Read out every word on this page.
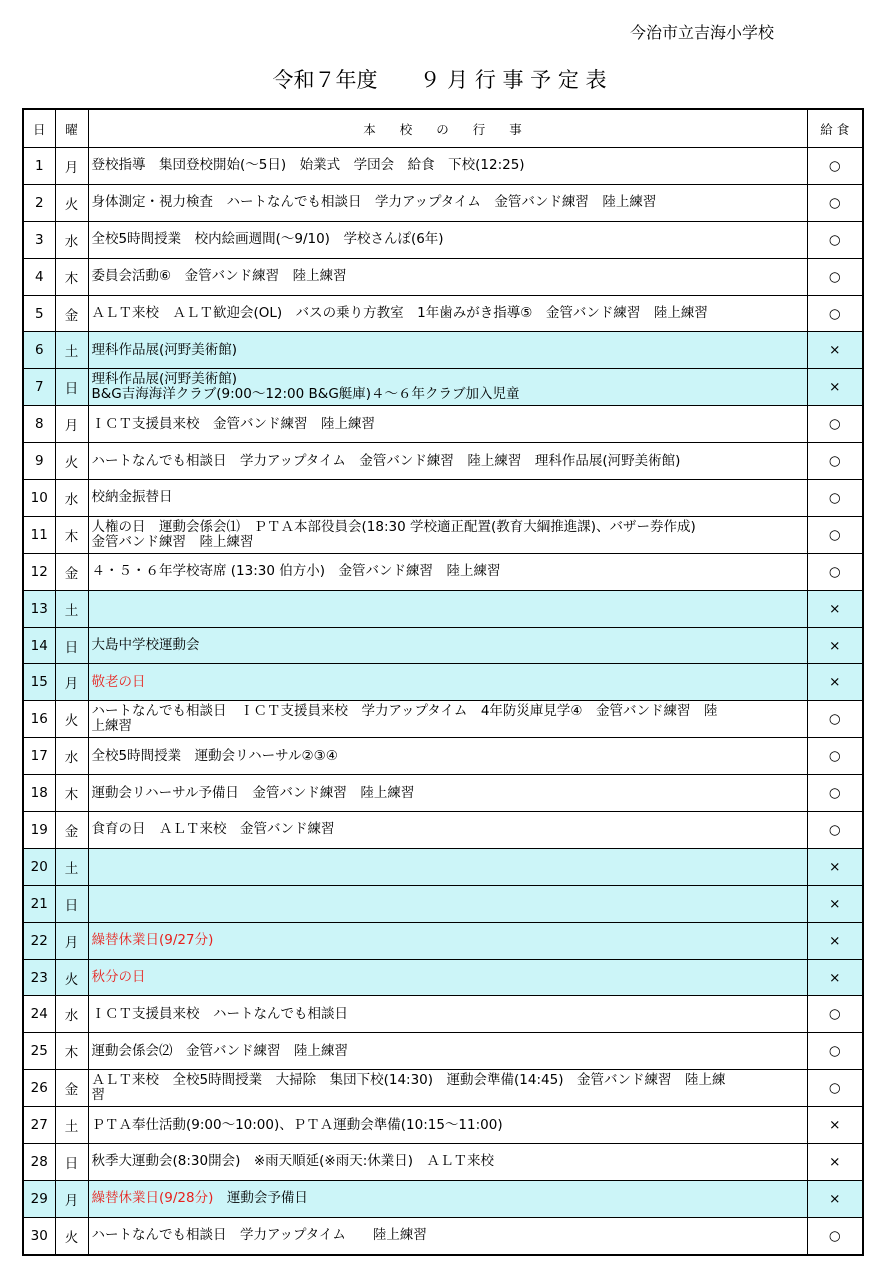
今治市立吉海小学校
令和７年度　　９ 月 行 事 予 定 表
日	曜	本 校 の 行 事	給 食
1	月	登校指導　集団登校開始(～5日)　始業式　学団会　給食　下校(12:25)	○
2	火	身体測定・視力検査　ハートなんでも相談日　学力アップタイム　金管バンド練習　陸上練習	○
3	水	全校5時間授業　校内絵画週間(～9/10)　学校さんぽ(6年)	○
4	木	委員会活動⑥　金管バンド練習　陸上練習	○
5	金	ＡＬＴ来校　ＡＬＴ歓迎会(OL)　バスの乗り方教室　1年歯みがき指導⑤　金管バンド練習　陸上練習	○
6	土	理科作品展(河野美術館)	×
7	日	理科作品展(河野美術館)
B&G吉海海洋クラブ(9:00～12:00 B&G艇庫)４～６年クラブ加入児童	×
8	月	ＩＣＴ支援員来校　金管バンド練習　陸上練習	○
9	火	ハートなんでも相談日　学力アップタイム　金管バンド練習　陸上練習　理科作品展(河野美術館)	○
10	水	校納金振替日	○
11	木	人権の日　運動会係会⑴　ＰＴＡ本部役員会(18:30 学校適正配置(教育大綱推進課)、バザー券作成)
金管バンド練習　陸上練習	○
12	金	４・５・６年学校寄席 (13:30 伯方小)　金管バンド練習　陸上練習	○
13	土		×
14	日	大島中学校運動会	×
15	月	敬老の日	×
16	火	ハートなんでも相談日　ＩＣＴ支援員来校　学力アップタイム　4年防災庫見学④　金管バンド練習　陸
上練習	○
17	水	全校5時間授業　運動会リハーサル②③④	○
18	木	運動会リハーサル予備日　金管バンド練習　陸上練習	○
19	金	食育の日　ＡＬＴ来校　金管バンド練習	○
20	土		×
21	日		×
22	月	繰替休業日(9/27分)	×
23	火	秋分の日	×
24	水	ＩＣＴ支援員来校　ハートなんでも相談日	○
25	木	運動会係会⑵　金管バンド練習　陸上練習	○
26	金	ＡＬＴ来校　全校5時間授業　大掃除　集団下校(14:30)　運動会準備(14:45)　金管バンド練習　陸上練
習	○
27	土	ＰＴＡ奉仕活動(9:00～10:00)、ＰＴＡ運動会準備(10:15～11:00)	×
28	日	秋季大運動会(8:30開会)　※雨天順延(※雨天:休業日)　ＡＬＴ来校	×
29	月	繰替休業日(9/28分)　運動会予備日	×
30	火	ハートなんでも相談日　学力アップタイム　　陸上練習	○
